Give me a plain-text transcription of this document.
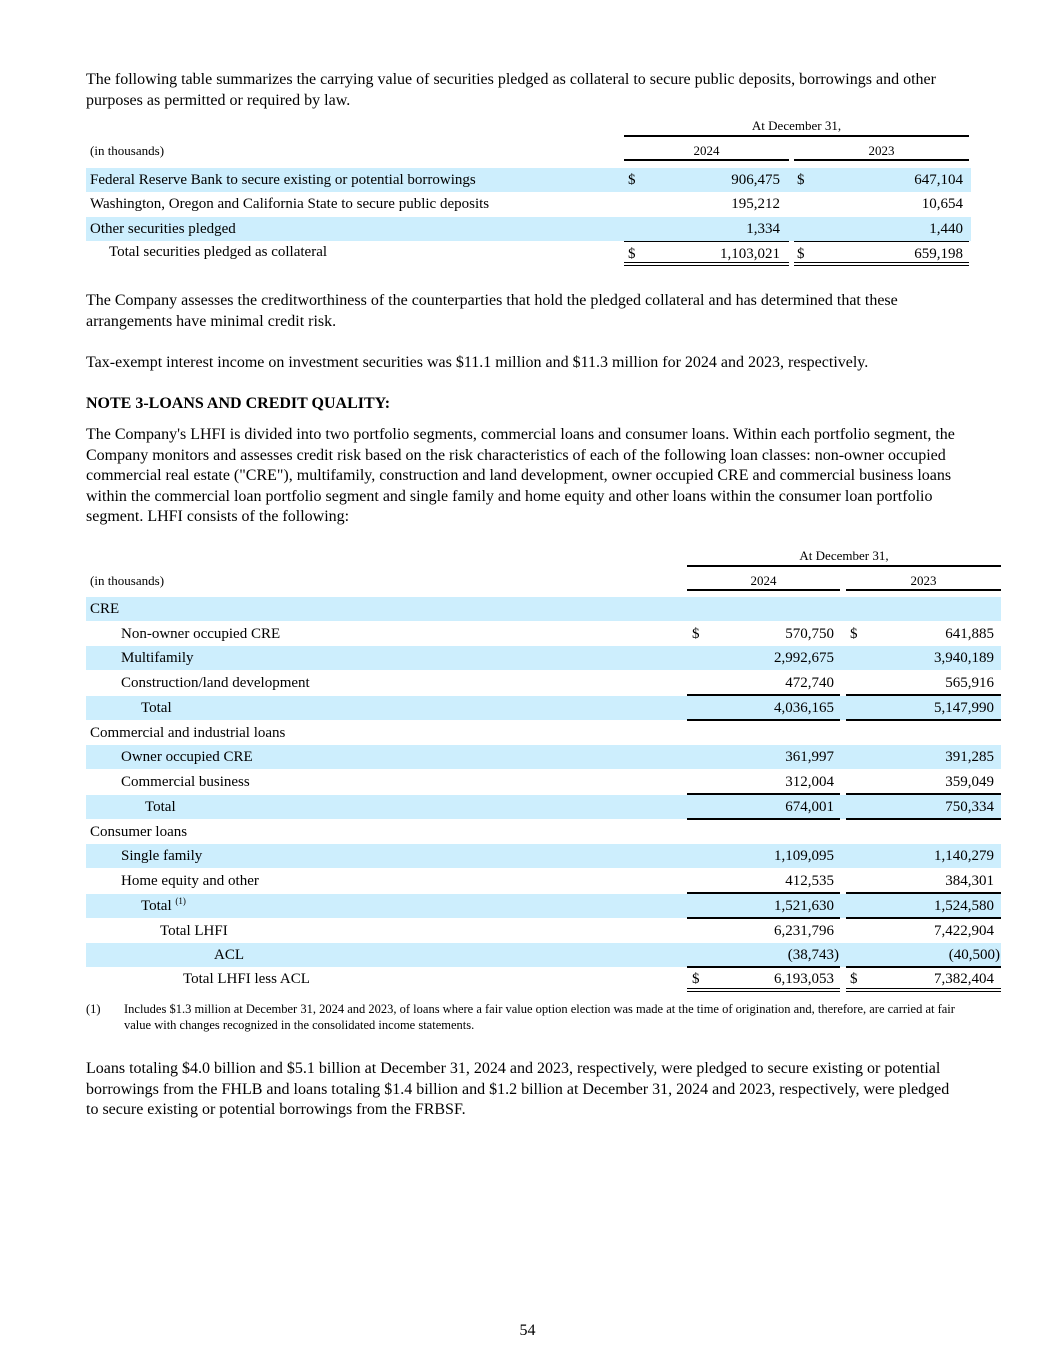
The following table summarizes the carrying value of securities pledged as collateral to secure public deposits, borrowings and other purposes as permitted or required by law.

At December 31,
(in thousands)	2024	2023
Federal Reserve Bank to secure existing or potential borrowings	$	906,475 $	647,104
Washington, Oregon and California State to secure public deposits	195,212	10,654
Other securities pledged	1,334	1,440
Total securities pledged as collateral	$	1,103,021 $	659,198

The Company assesses the creditworthiness of the counterparties that hold the pledged collateral and has determined that these arrangements have minimal credit risk.

Tax-exempt interest income on investment securities was $11.1 million and $11.3 million for 2024 and 2023, respectively.

NOTE 3-LOANS AND CREDIT QUALITY:

The Company's LHFI is divided into two portfolio segments, commercial loans and consumer loans. Within each portfolio segment, the Company monitors and assesses credit risk based on the risk characteristics of each of the following loan classes: non-owner occupied commercial real estate ("CRE"), multifamily, construction and land development, owner occupied CRE and commercial business loans within the commercial loan portfolio segment and single family and home equity and other loans within the consumer loan portfolio segment. LHFI consists of the following:

At December 31,
(in thousands)	2024	2023
CRE
Non-owner occupied CRE	$	570,750 $	641,885
Multifamily	2,992,675	3,940,189
Construction/land development	472,740	565,916
Total	4,036,165	5,147,990
Commercial and industrial loans
Owner occupied CRE	361,997	391,285
Commercial business	312,004	359,049
Total	674,001	750,334
Consumer loans
Single family	1,109,095	1,140,279
Home equity and other	412,535	384,301
Total $^{(1)}$	1,521,630	1,524,580
Total LHFI	6,231,796	7,422,904
ACL	(38,743)	(40,500)
Total LHFI less ACL	$	6,193,053 $	7,382,404
(1) Includes $1.3 million at December 31, 2024 and 2023, of loans where a fair value option election was made at the time of origination and, therefore, are carried at fair value with changes recognized in the consolidated income statements.

Loans totaling $4.0 billion and $5.1 billion at December 31, 2024 and 2023, respectively, were pledged to secure existing or potential borrowings from the FHLB and loans totaling $1.4 billion and $1.2 billion at December 31, 2024 and 2023, respectively, were pledged to secure existing or potential borrowings from the FRBSF.

54
